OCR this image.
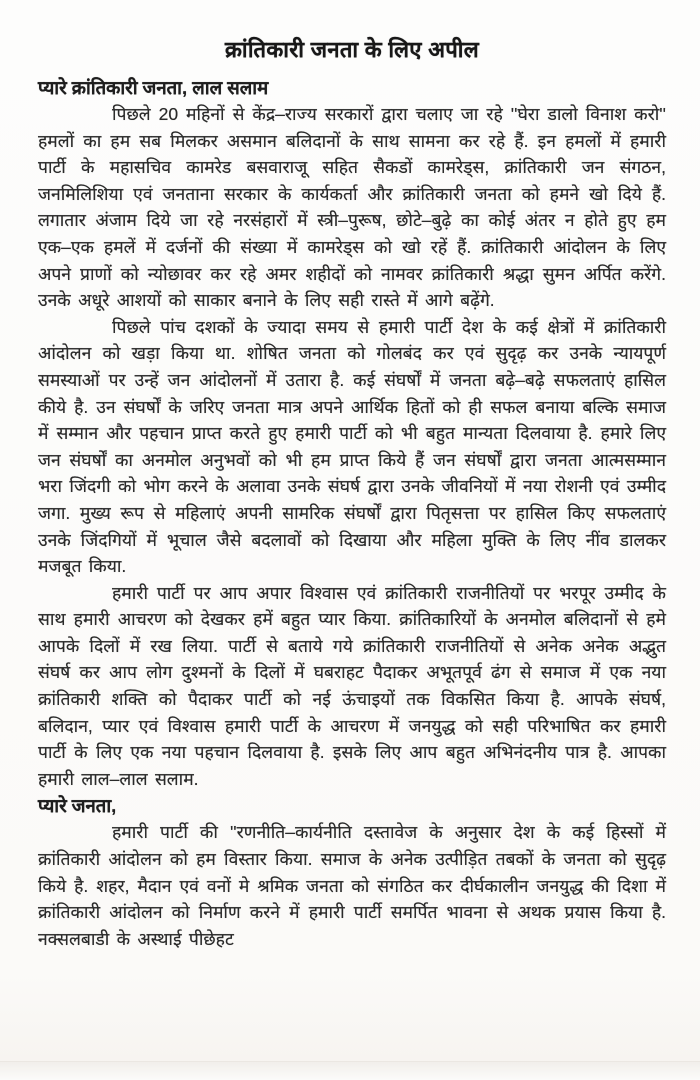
क्रांतिकारी जनता के लिए अपील

प्यारे क्रांतिकारी जनता, लाल सलाम

पिछले 20 महिनों से केंद्र–राज्य सरकारों द्वारा चलाए जा रहे ''घेरा डालो विनाश करो'' हमलों का हम सब मिलकर असमान बलिदानों के साथ सामना कर रहे हैं. इन हमलों में हमारी पार्टी के महासचिव कामरेड बसवाराजू सहित सैकडों कामरेड्स, क्रांतिकारी जन संगठन, जनमिलिशिया एवं जनताना सरकार के कार्यकर्ता और क्रांतिकारी जनता को हमने खो दिये हैं. लगातार अंजाम दिये जा रहे नरसंहारों में स्त्री–पुरूष, छोटे–बुढ़े का कोई अंतर न होते हुए हम एक–एक हमलें में दर्जनों की संख्या में कामरेड्स को खो रहें हैं. क्रांतिकारी आंदोलन के लिए अपने प्राणों को न्योछावर कर रहे अमर शहीदों को नामवर क्रांतिकारी श्रद्धा सुमन अर्पित करेंगे. उनके अधूरे आशयों को साकार बनाने के लिए सही रास्ते में आगे बढ़ेंगे.

पिछले पांच दशकों के ज्यादा समय से हमारी पार्टी देश के कई क्षेत्रों में क्रांतिकारी आंदोलन को खड़ा किया था. शोषित जनता को गोलबंद कर एवं सुदृढ़ कर उनके न्यायपूर्ण समस्याओं पर उन्हें जन आंदोलनों में उतारा है. कई संघर्षों में जनता बढ़े–बढ़े सफलताएं हासिल कीये है. उन संघर्षों के जरिए जनता मात्र अपने आर्थिक हितों को ही सफल बनाया बल्कि समाज में सम्मान और पहचान प्राप्त करते हुए हमारी पार्टी को भी बहुत मान्यता दिलवाया है. हमारे लिए जन संघर्षों का अनमोल अनुभवों को भी हम प्राप्त किये हैं जन संघर्षों द्वारा जनता आत्मसम्मान भरा जिंदगी को भोग करने के अलावा उनके संघर्ष द्वारा उनके जीवनियों में नया रोशनी एवं उम्मीद जगा. मुख्य रूप से महिलाएं अपनी सामरिक संघर्षों द्वारा पितृसत्ता पर हासिल किए सफलताएं उनके जिंदगियों में भूचाल जैसे बदलावों को दिखाया और महिला मुक्ति के लिए नींव डालकर मजबूत किया.

हमारी पार्टी पर आप अपार विश्वास एवं क्रांतिकारी राजनीतियों पर भरपूर उम्मीद के साथ हमारी आचरण को देखकर हमें बहुत प्यार किया. क्रांतिकारियों के अनमोल बलिदानों से हमे आपके दिलों में रख लिया. पार्टी से बताये गये क्रांतिकारी राजनीतियों से अनेक अनेक अद्भुत संघर्ष कर आप लोग दुश्मनों के दिलों में घबराहट पैदाकर अभूतपूर्व ढंग से समाज में एक नया क्रांतिकारी शक्ति को पैदाकर पार्टी को नई ऊंचाइयों तक विकसित किया है. आपके संघर्ष, बलिदान, प्यार एवं विश्वास हमारी पार्टी के आचरण में जनयुद्ध को सही परिभाषित कर हमारी पार्टी के लिए एक नया पहचान दिलवाया है. इसके लिए आप बहुत अभिनंदनीय पात्र है. आपका हमारी लाल–लाल सलाम.

प्यारे जनता,

हमारी पार्टी की ''रणनीति–कार्यनीति दस्तावेज के अनुसार देश के कई हिस्सों में क्रांतिकारी आंदोलन को हम विस्तार किया. समाज के अनेक उत्पीड़ित तबकों के जनता को सुदृढ़ किये है. शहर, मैदान एवं वनों मे श्रमिक जनता को संगठित कर दीर्घकालीन जनयुद्ध की दिशा में क्रांतिकारी आंदोलन को निर्माण करने में हमारी पार्टी समर्पित भावना से अथक प्रयास किया है. नक्सलबाडी के अस्थाई पीछेहट
